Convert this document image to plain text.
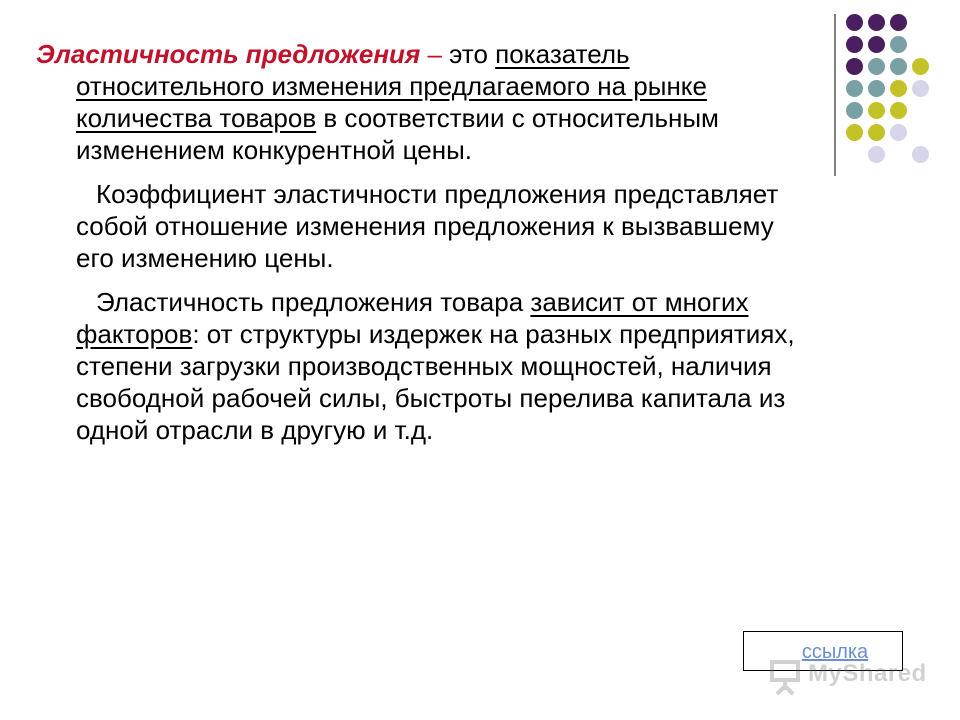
Эластичность предложения – это показатель относительного изменения предлагаемого на рынке количества товаров в соответствии с относительным изменением конкурентной цены.

Коэффициент эластичности предложения представляет собой отношение изменения предложения к вызвавшему его изменению цены.

Эластичность предложения товара зависит от многих факторов: от структуры издержек на разных предприятиях, степени загрузки производственных мощностей, наличия свободной рабочей силы, быстроты перелива капитала из одной отрасли в другую и т.д.

ссылка
MyShared
